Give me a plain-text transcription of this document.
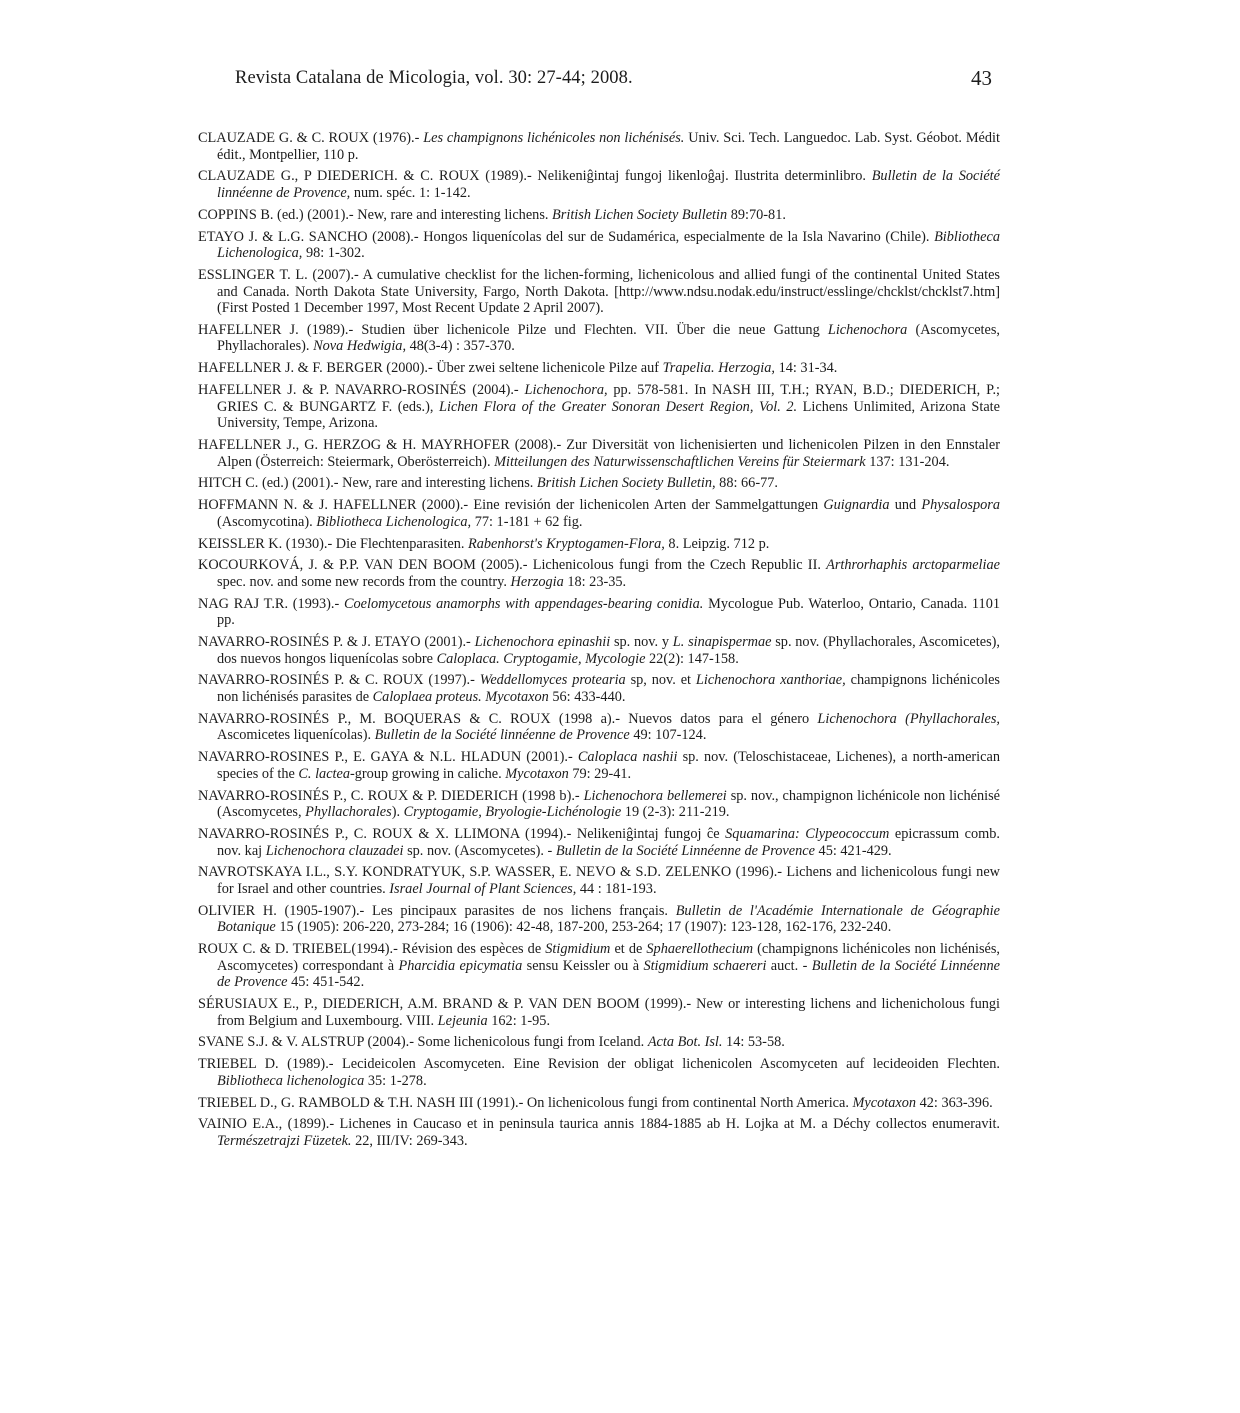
Revista Catalana de Micologia, vol. 30: 27-44; 2008.	43

CLAUZADE G. & C. ROUX (1976).- Les champignons lichénicoles non lichénisés. Univ. Sci. Tech. Languedoc. Lab. Syst. Géobot. Médit édit., Montpellier, 110 p.

CLAUZADE G., P DIEDERICH. & C. ROUX (1989).- Nelikeniĝintaj fungoj likenloĝaj. Ilustrita determinlibro. Bulletin de la Société linnéenne de Provence, num. spéc. 1: 1-142.

COPPINS B. (ed.) (2001).- New, rare and interesting lichens. British Lichen Society Bulletin 89:70-81.

ETAYO J. & L.G. SANCHO (2008).- Hongos liquenícolas del sur de Sudamérica, especialmente de la Isla Navarino (Chile). Bibliotheca Lichenologica, 98: 1-302.

ESSLINGER T. L. (2007).- A cumulative checklist for the lichen-forming, lichenicolous and allied fungi of the continental United States and Canada. North Dakota State University, Fargo, North Dakota. [http://www.ndsu.nodak.edu/instruct/esslinge/chcklst/chcklst7.htm] (First Posted 1 December 1997, Most Recent Update 2 April 2007).

HAFELLNER J. (1989).- Studien über lichenicole Pilze und Flechten. VII. Über die neue Gattung Lichenochora (Ascomycetes, Phyllachorales). Nova Hedwigia, 48(3-4) : 357-370.

HAFELLNER J. & F. BERGER (2000).- Über zwei seltene lichenicole Pilze auf Trapelia. Herzogia, 14: 31-34.

HAFELLNER J. & P. NAVARRO-ROSINÉS (2004).- Lichenochora, pp. 578-581. In NASH III, T.H.; RYAN, B.D.; DIEDERICH, P.; GRIES C. & BUNGARTZ F. (eds.), Lichen Flora of the Greater Sonoran Desert Region, Vol. 2. Lichens Unlimited, Arizona State University, Tempe, Arizona.

HAFELLNER J., G. HERZOG & H. MAYRHOFER (2008).- Zur Diversität von lichenisierten und lichenicolen Pilzen in den Ennstaler Alpen (Österreich: Steiermark, Oberösterreich). Mitteilungen des Naturwissenschaftlichen Vereins für Steiermark 137: 131-204.

HITCH C. (ed.) (2001).- New, rare and interesting lichens. British Lichen Society Bulletin, 88: 66-77.

HOFFMANN N. & J. HAFELLNER (2000).- Eine revisión der lichenicolen Arten der Sammelgattungen Guignardia und Physalospora (Ascomycotina). Bibliotheca Lichenologica, 77: 1-181 + 62 fig.

KEISSLER K. (1930).- Die Flechtenparasiten. Rabenhorst's Kryptogamen-Flora, 8. Leipzig. 712 p.

KOCOURKOVÁ, J. & P.P. VAN DEN BOOM (2005).- Lichenicolous fungi from the Czech Republic II. Arthrorhaphis arctoparmeliae spec. nov. and some new records from the country. Herzogia 18: 23-35.

NAG RAJ T.R. (1993).- Coelomycetous anamorphs with appendages-bearing conidia. Mycologue Pub. Waterloo, Ontario, Canada. 1101 pp.

NAVARRO-ROSINÉS P. & J. ETAYO (2001).- Lichenochora epinashii sp. nov. y L. sinapispermae sp. nov. (Phyllachorales, Ascomicetes), dos nuevos hongos liquenícolas sobre Caloplaca. Cryptogamie, Mycologie 22(2): 147-158.

NAVARRO-ROSINÉS P. & C. ROUX (1997).- Weddellomyces protearia sp, nov. et Lichenochora xanthoriae, champignons lichénicoles non lichénisés parasites de Caloplaea proteus. Mycotaxon 56: 433-440.

NAVARRO-ROSINÉS P., M. BOQUERAS & C. ROUX (1998 a).- Nuevos datos para el género Lichenochora (Phyllachorales, Ascomicetes liquenícolas). Bulletin de la Société linnéenne de Provence 49: 107-124.

NAVARRO-ROSINES P., E. GAYA & N.L. HLADUN (2001).- Caloplaca nashii sp. nov. (Teloschistaceae, Lichenes), a north-american species of the C. lactea-group growing in caliche. Mycotaxon 79: 29-41.

NAVARRO-ROSINÉS P., C. ROUX & P. DIEDERICH (1998 b).- Lichenochora bellemerei sp. nov., champignon lichénicole non lichénisé (Ascomycetes, Phyllachorales). Cryptogamie, Bryologie-Lichénologie 19 (2-3): 211-219.

NAVARRO-ROSINÉS P., C. ROUX & X. LLIMONA (1994).- Nelikeniĝintaj fungoj ĉe Squamarina: Clypeococcum epicrassum comb. nov. kaj Lichenochora clauzadei sp. nov. (Ascomycetes). - Bulletin de la Société Linnéenne de Provence 45: 421-429.

NAVROTSKAYA I.L., S.Y. KONDRATYUK, S.P. WASSER, E. NEVO & S.D. ZELENKO (1996).- Lichens and lichenicolous fungi new for Israel and other countries. Israel Journal of Plant Sciences, 44 : 181-193.

OLIVIER H. (1905-1907).- Les pincipaux parasites de nos lichens français. Bulletin de l'Académie Internationale de Géographie Botanique 15 (1905): 206-220, 273-284; 16 (1906): 42-48, 187-200, 253-264; 17 (1907): 123-128, 162-176, 232-240.

ROUX C. & D. TRIEBEL(1994).- Révision des espèces de Stigmidium et de Sphaerellothecium (champignons lichénicoles non lichénisés, Ascomycetes) correspondant à Pharcidia epicymatia sensu Keissler ou à Stigmidium schaereri auct. - Bulletin de la Société Linnéenne de Provence 45: 451-542.

SÉRUSIAUX E., P., DIEDERICH, A.M. BRAND & P. VAN DEN BOOM (1999).- New or interesting lichens and lichenicholous fungi from Belgium and Luxembourg. VIII. Lejeunia 162: 1-95.

SVANE S.J. & V. ALSTRUP (2004).- Some lichenicolous fungi from Iceland. Acta Bot. Isl. 14: 53-58.

TRIEBEL D. (1989).- Lecideicolen Ascomyceten. Eine Revision der obligat lichenicolen Ascomyceten auf lecideoiden Flechten. Bibliotheca lichenologica 35: 1-278.

TRIEBEL D., G. RAMBOLD & T.H. NASH III (1991).- On lichenicolous fungi from continental North America. Mycotaxon 42: 363-396.

VAINIO E.A., (1899).- Lichenes in Caucaso et in peninsula taurica annis 1884-1885 ab H. Lojka at M. a Déchy collectos enumeravit. Természetrajzi Füzetek. 22, III/IV: 269-343.
